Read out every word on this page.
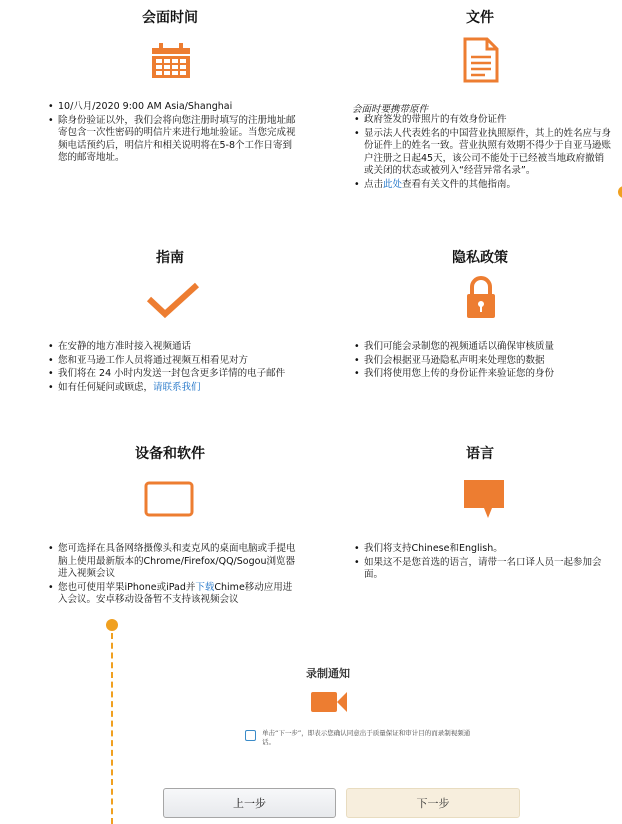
会面时间
• 10/八月/2020 9:00 AM Asia/Shanghai
• 除身份验证以外，我们会将向您注册时填写的注册地址邮寄包含一次性密码的明信片来进行地址验证。当您完成视频电话预约后，明信片和相关说明将在5-8个工作日寄到您的邮寄地址。
文件
会面时要携带原件
• 政府签发的带照片的有效身份证件
• 显示法人代表姓名的中国营业执照原件，其上的姓名应与身份证件上的姓名一致。营业执照有效期不得少于自亚马逊账户注册之日起45天，该公司不能处于已经被当地政府撤销或关闭的状态或被列入“经营异常名录”。
• 点击此处查看有关文件的其他指南。
指南
• 在安静的地方准时接入视频通话
• 您和亚马逊工作人员将通过视频互相看见对方
• 我们将在 24 小时内发送一封包含更多详情的电子邮件
• 如有任何疑问或顾虑，请联系我们
隐私政策
• 我们可能会录制您的视频通话以确保审核质量
• 我们会根据亚马逊隐私声明来处理您的数据
• 我们将使用您上传的身份证件来验证您的身份
设备和软件
• 您可选择在具备网络摄像头和麦克风的桌面电脑或手提电脑上使用最新版本的Chrome/Firefox/QQ/Sogou浏览器进入视频会议
• 您也可使用苹果iPhone或iPad并下载Chime移动应用进入会议。安卓移动设备暂不支持该视频会议
语言
• 我们将支持Chinese和English。
• 如果这不是您首选的语言，请带一名口译人员一起参加会面。
录制通知
单击“下一步”，即表示您确认同意出于质量保证和审计目的而录制视频通话。
上一步	下一步
